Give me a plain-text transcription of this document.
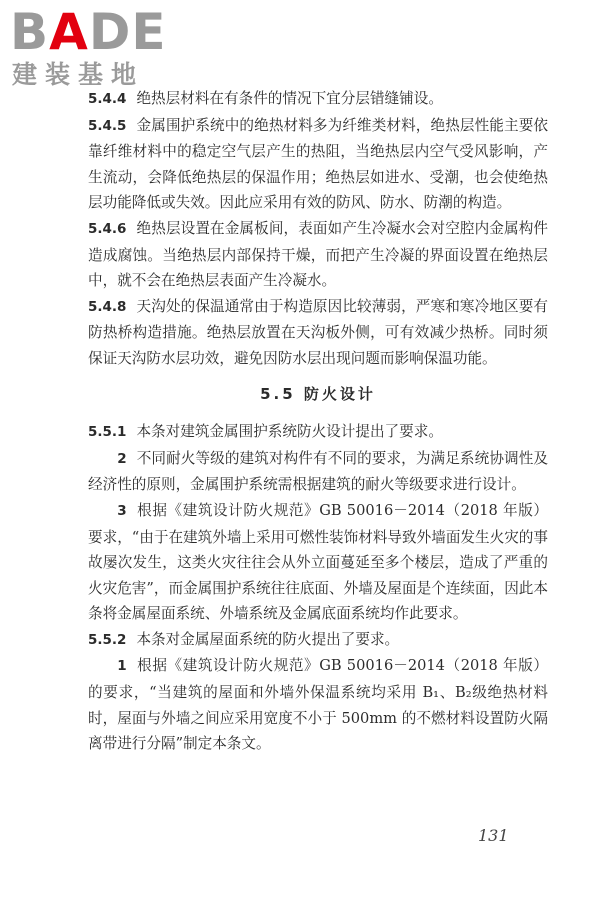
BADE
建装基地

5.4.4 绝热层材料在有条件的情况下宜分层错缝铺设。

5.4.5 金属围护系统中的绝热材料多为纤维类材料，绝热层性能主要依靠纤维材料中的稳定空气层产生的热阻，当绝热层内空气受风影响，产生流动，会降低绝热层的保温作用；绝热层如进水、受潮，也会使绝热层功能降低或失效。因此应采用有效的防风、防水、防潮的构造。

5.4.6 绝热层设置在金属板间，表面如产生冷凝水会对空腔内金属构件造成腐蚀。当绝热层内部保持干燥，而把产生冷凝的界面设置在绝热层中，就不会在绝热层表面产生冷凝水。

5.4.8 天沟处的保温通常由于构造原因比较薄弱，严寒和寒冷地区要有防热桥构造措施。绝热层放置在天沟板外侧，可有效减少热桥。同时须保证天沟防水层功效，避免因防水层出现问题而影响保温功能。

5.5 防火设计

5.5.1 本条对建筑金属围护系统防火设计提出了要求。

2 不同耐火等级的建筑对构件有不同的要求，为满足系统协调性及经济性的原则，金属围护系统需根据建筑的耐火等级要求进行设计。

3 根据《建筑设计防火规范》GB 50016－2014（2018 年版）要求，“由于在建筑外墙上采用可燃性装饰材料导致外墙面发生火灾的事故屡次发生，这类火灾往往会从外立面蔓延至多个楼层，造成了严重的火灾危害”，而金属围护系统往往底面、外墙及屋面是个连续面，因此本条将金属屋面系统、外墙系统及金属底面系统均作此要求。

5.5.2 本条对金属屋面系统的防火提出了要求。

1 根据《建筑设计防火规范》GB 50016－2014（2018 年版）的要求，“当建筑的屋面和外墙外保温系统均采用 B₁、B₂级绝热材料时，屋面与外墙之间应采用宽度不小于 500mm 的不燃材料设置防火隔离带进行分隔”制定本条文。

131
